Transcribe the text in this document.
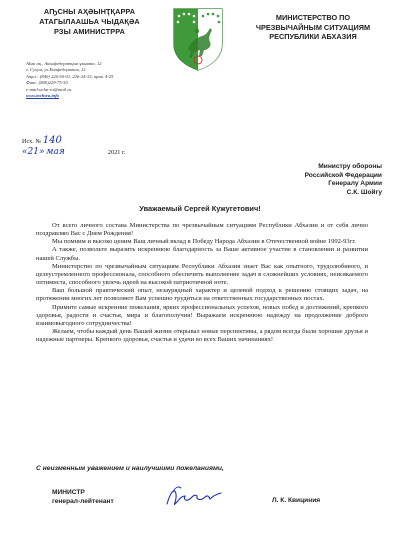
АҦСНЫ АҲӘЫНҬҚАРРА
АТАГЫЛААШЬА ЧЫДАҚӘА
РЗЫ АМИНИСТРРА
МИНИСТЕРСТВО ПО
ЧРЕЗВЫЧАЙНЫМ СИТУАЦИЯМ
РЕСПУБЛИКИ АБХАЗИЯ
Аҟəа ақ., Аконфедератциа ұвынта, 12
г. Сухум, ул.Конфедератов, 12
Аҭел.: (840) 226-50-01, 226-24-33, прав. 4-25
Факс: (840)229-75-50
e-mail:ucha-ra@mail.ru
www.mchsra.info
Исх. № 140
«21» мая	2021 г.
Министру обороны
Российской Федерации
Генералу Армии
С.К. Шойгу
Уважаемый Сергей Кужугетович!

От всего личного состава Министерства по чрезвычайным ситуациям Республики Абхазии и от себя лично поздравляю Вас с Днем Рождения!

Мы помним и высоко ценим Ваш личный вклад в Победу Народа Абхазии в Отечественной войне 1992-93гг.

А также, позвольте выразить искреннюю благодарность за Ваше активное участие в становлении и развитии нашей Службы.

Министерство по чрезвычайным ситуациям Республики Абхазия знает Вас как опытного, трудолюбивого, и целеустремленного профессионала, способного обеспечить выполнение задач в сложнейших условиях, неисякаемого оптимиста, способного увлечь идеей на высокой патриотичной ноте.

Ваш большой практический опыт, незаурядный характер и целевой подход к решению стоящих задач, на протяжении многих лет позволяют Вам успешно трудиться на ответственных государственных постах.

Примите самые искренние пожелания, ярких профессиональных успехов, новых побед и достижений, крепкого здоровья, радости и счастья, мира и благополучия! Выражаем искреннюю надежду на продолжение доброго взаимовыгодного сотрудничества!

Желаем, чтобы каждый день Вашей жизни открывал новые перспективы, а рядом всегда были хорошие друзья и надежные партнеры. Крепкого здоровья, счастья и удачи во всех Ваших начинаниях!

С неизменным уважением и наилучшими пожеланиями,
МИНИСТР
генерал-лейтенант	Л. К. Квициния
